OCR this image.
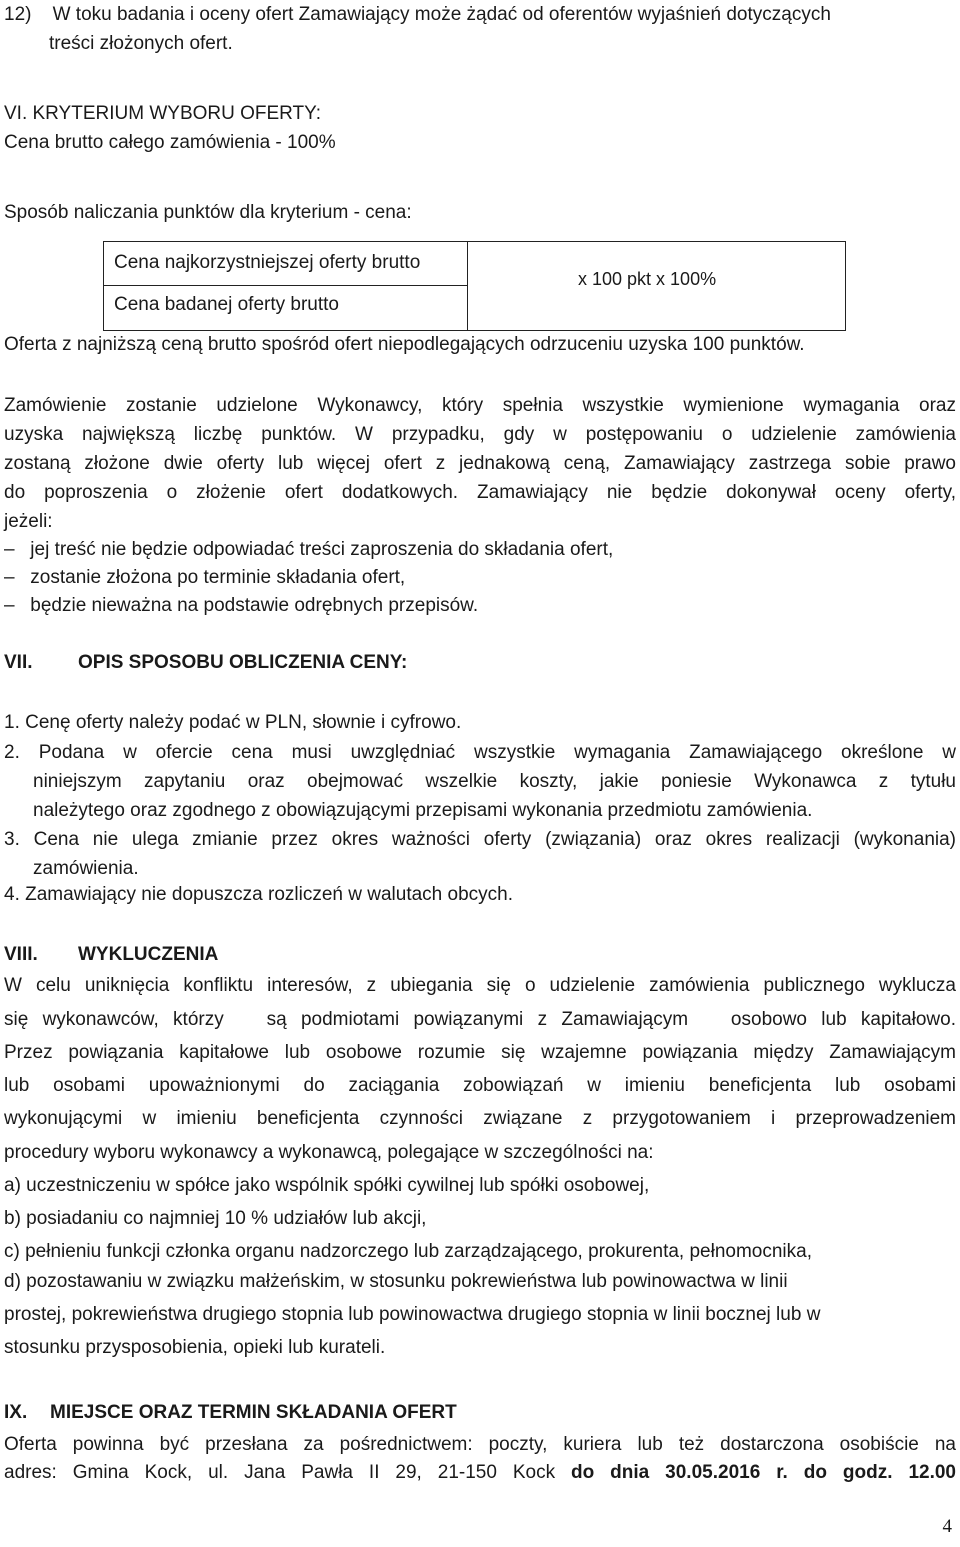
12)    W toku badania i oceny ofert Zamawiający może żądać od oferentów wyjaśnień dotyczących
treści złożonych ofert.
VI. KRYTERIUM WYBORU OFERTY:
Cena brutto całego zamówienia - 100%
Sposób naliczania punktów dla kryterium - cena:
Cena najkorzystniejszej oferty brutto
Cena badanej oferty brutto
x 100 pkt x 100%
Oferta z najniższą ceną brutto spośród ofert niepodlegających odrzuceniu uzyska 100 punktów.
Zamówienie zostanie udzielone Wykonawcy, który spełnia wszystkie wymienione wymagania oraz
uzyska największą liczbę punktów. W przypadku, gdy w postępowaniu o udzielenie zamówienia
zostaną złożone dwie oferty lub więcej ofert z jednakową ceną, Zamawiający zastrzega sobie prawo
do poproszenia o złożenie ofert dodatkowych. Zamawiający nie będzie dokonywał oceny oferty,
jeżeli:
– jej treść nie będzie odpowiadać treści zaproszenia do składania ofert,
– zostanie złożona po terminie składania ofert,
– będzie nieważna na podstawie odrębnych przepisów.
VII. OPIS SPOSOBU OBLICZENIA CENY:
1. Cenę oferty należy podać w PLN, słownie i cyfrowo.
2. Podana w ofercie cena musi uwzględniać wszystkie wymagania Zamawiającego określone w
niniejszym zapytaniu oraz obejmować wszelkie koszty, jakie poniesie Wykonawca z tytułu
należytego oraz zgodnego z obowiązującymi przepisami wykonania przedmiotu zamówienia.
3. Cena nie ulega zmianie przez okres ważności oferty (związania) oraz okres realizacji (wykonania)
zamówienia.
4. Zamawiający nie dopuszcza rozliczeń w walutach obcych.
VIII. WYKLUCZENIA
W celu uniknięcia konfliktu interesów, z ubiegania się o udzielenie zamówienia publicznego wyklucza
się wykonawców, którzy   są podmiotami powiązanymi z Zamawiającym   osobowo lub kapitałowo.
Przez powiązania kapitałowe lub osobowe rozumie się wzajemne powiązania między Zamawiającym
lub osobami upoważnionymi do zaciągania zobowiązań w imieniu beneficjenta lub osobami
wykonującymi w imieniu beneficjenta czynności związane z przygotowaniem i przeprowadzeniem
procedury wyboru wykonawcy a wykonawcą, polegające w szczególności na:
a) uczestniczeniu w spółce jako wspólnik spółki cywilnej lub spółki osobowej,
b) posiadaniu co najmniej 10 % udziałów lub akcji,
c) pełnieniu funkcji członka organu nadzorczego lub zarządzającego, prokurenta, pełnomocnika,
d) pozostawaniu w związku małżeńskim, w stosunku pokrewieństwa lub powinowactwa w linii
prostej, pokrewieństwa drugiego stopnia lub powinowactwa drugiego stopnia w linii bocznej lub w
stosunku przysposobienia, opieki lub kurateli.
IX. MIEJSCE ORAZ TERMIN SKŁADANIA OFERT
Oferta powinna być przesłana za pośrednictwem: poczty, kuriera lub też dostarczona osobiście na
adres: Gmina Kock, ul. Jana Pawła II 29, 21-150 Kock do dnia 30.05.2016 r. do godz. 12.00
4
